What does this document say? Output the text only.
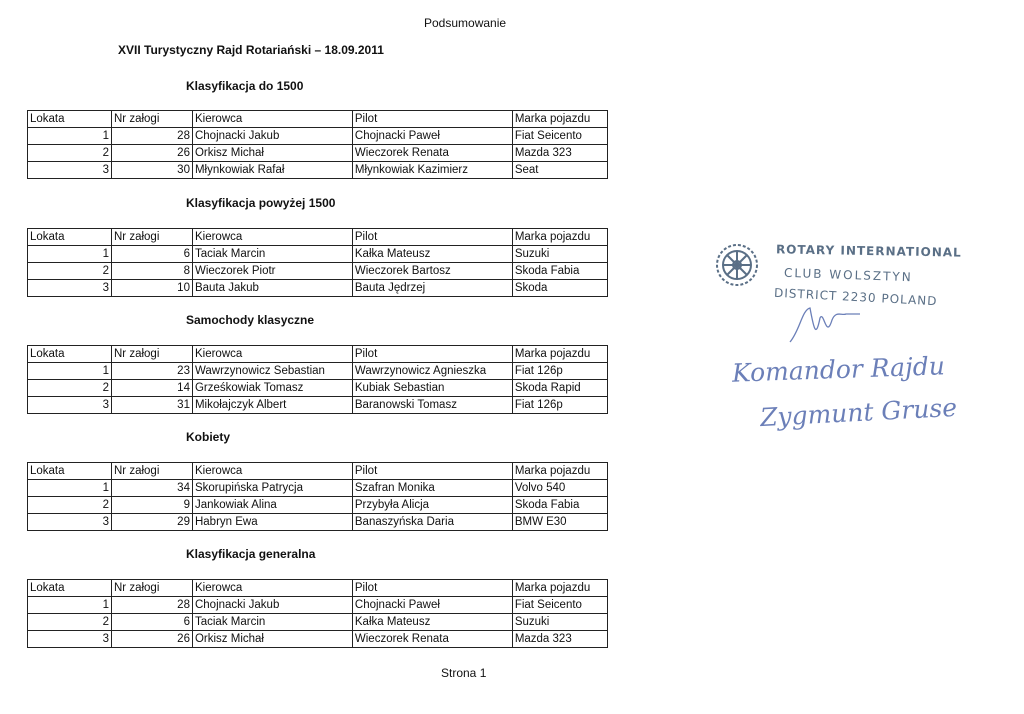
Podsumowanie
XVII Turystyczny Rajd Rotariański – 18.09.2011
Klasyfikacja do 1500
Lokata	Nr załogi	Kierowca	Pilot	Marka pojazdu
1	28	Chojnacki Jakub	Chojnacki Paweł	Fiat Seicento
2	26	Orkisz Michał	Wieczorek Renata	Mazda 323
3	30	Młynkowiak Rafał	Młynkowiak Kazimierz	Seat
Klasyfikacja powyżej 1500
Lokata	Nr załogi	Kierowca	Pilot	Marka pojazdu
1	6	Taciak Marcin	Kałka Mateusz	Suzuki
2	8	Wieczorek Piotr	Wieczorek Bartosz	Skoda Fabia
3	10	Bauta Jakub	Bauta Jędrzej	Skoda
Samochody klasyczne
Lokata	Nr załogi	Kierowca	Pilot	Marka pojazdu
1	23	Wawrzynowicz Sebastian	Wawrzynowicz Agnieszka	Fiat 126p
2	14	Grześkowiak Tomasz	Kubiak Sebastian	Skoda Rapid
3	31	Mikołajczyk Albert	Baranowski Tomasz	Fiat 126p
Kobiety
Lokata	Nr załogi	Kierowca	Pilot	Marka pojazdu
1	34	Skorupińska Patrycja	Szafran Monika	Volvo 540
2	9	Jankowiak Alina	Przybyła Alicja	Skoda Fabia
3	29	Habryn Ewa	Banaszyńska Daria	BMW E30
Klasyfikacja generalna
Lokata	Nr załogi	Kierowca	Pilot	Marka pojazdu
1	28	Chojnacki Jakub	Chojnacki Paweł	Fiat Seicento
2	6	Taciak Marcin	Kałka Mateusz	Suzuki
3	26	Orkisz Michał	Wieczorek Renata	Mazda 323
ROTARY INTERNATIONAL
CLUB WOLSZTYN
DISTRICT 2230 POLAND
Komandor Rajdu
Zygmunt Gruse
Strona 1
